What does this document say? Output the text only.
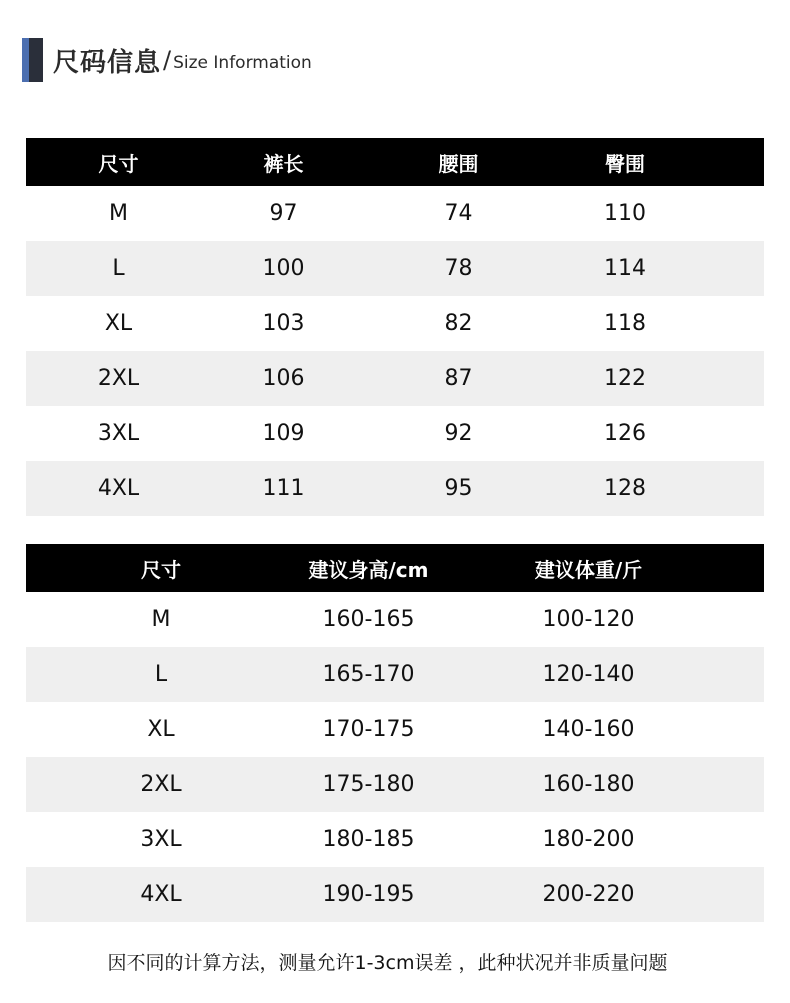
尺码信息 / Size Information
尺寸	裤长	腰围	臀围	
M	97	74	110	
L	100	78	114	
XL	103	82	118	
2XL	106	87	122	
3XL	109	92	126	
4XL	111	95	128	
尺寸	建议身高/cm	建议体重/斤	
M	160-165	100-120	
L	165-170	120-140	
XL	170-175	140-160	
2XL	175-180	160-180	
3XL	180-185	180-200	
4XL	190-195	200-220	
因不同的计算方法，测量允许1-3cm误差 ，此种状况并非质量问题
